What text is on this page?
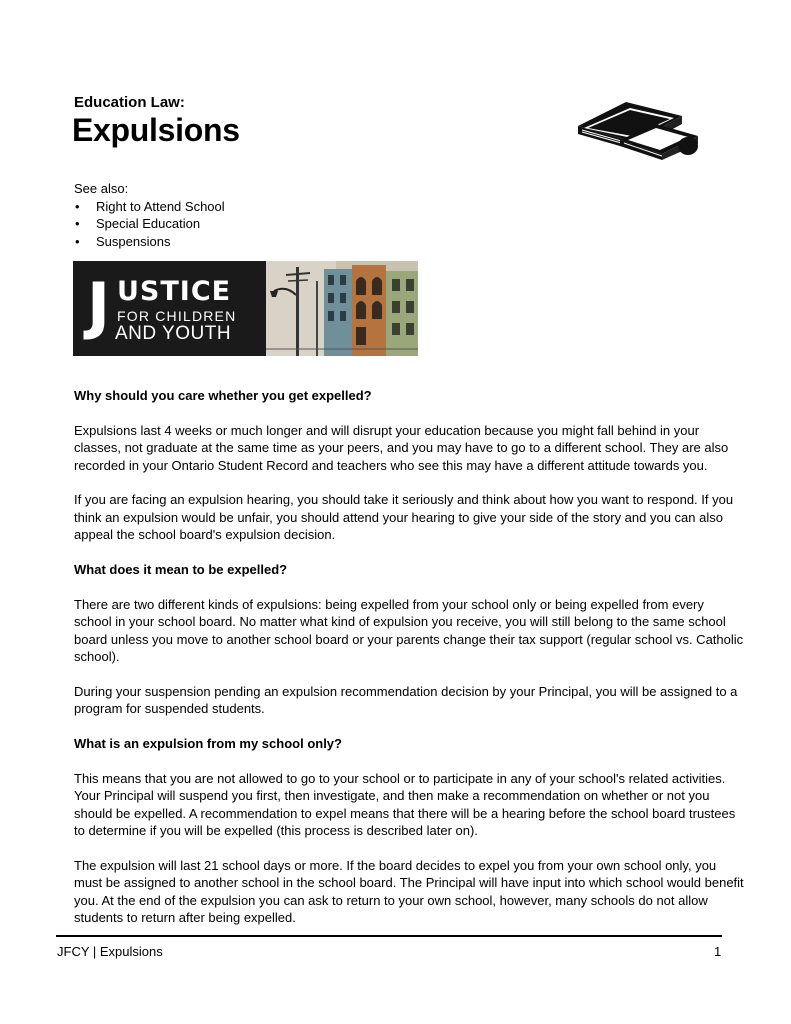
Education Law:
Expulsions
See also:
• Right to Attend School
• Special Education
• Suspensions
J USTICE
FOR CHILDREN
AND YOUTH
Why should you care whether you get expelled?

Expulsions last 4 weeks or much longer and will disrupt your education because you might fall behind in your classes, not graduate at the same time as your peers, and you may have to go to a different school. They are also recorded in your Ontario Student Record and teachers who see this may have a different attitude towards you.

If you are facing an expulsion hearing, you should take it seriously and think about how you want to respond. If you think an expulsion would be unfair, you should attend your hearing to give your side of the story and you can also appeal the school board's expulsion decision.

What does it mean to be expelled?

There are two different kinds of expulsions: being expelled from your school only or being expelled from every school in your school board. No matter what kind of expulsion you receive, you will still belong to the same school board unless you move to another school board or your parents change their tax support (regular school vs. Catholic school).

During your suspension pending an expulsion recommendation decision by your Principal, you will be assigned to a program for suspended students.

What is an expulsion from my school only?

This means that you are not allowed to go to your school or to participate in any of your school's related activities. Your Principal will suspend you first, then investigate, and then make a recommendation on whether or not you should be expelled. A recommendation to expel means that there will be a hearing before the school board trustees to determine if you will be expelled (this process is described later on).

The expulsion will last 21 school days or more. If the board decides to expel you from your own school only, you must be assigned to another school in the school board. The Principal will have input into which school would benefit you. At the end of the expulsion you can ask to return to your own school, however, many schools do not allow students to return after being expelled.

JFCY | Expulsions	1
